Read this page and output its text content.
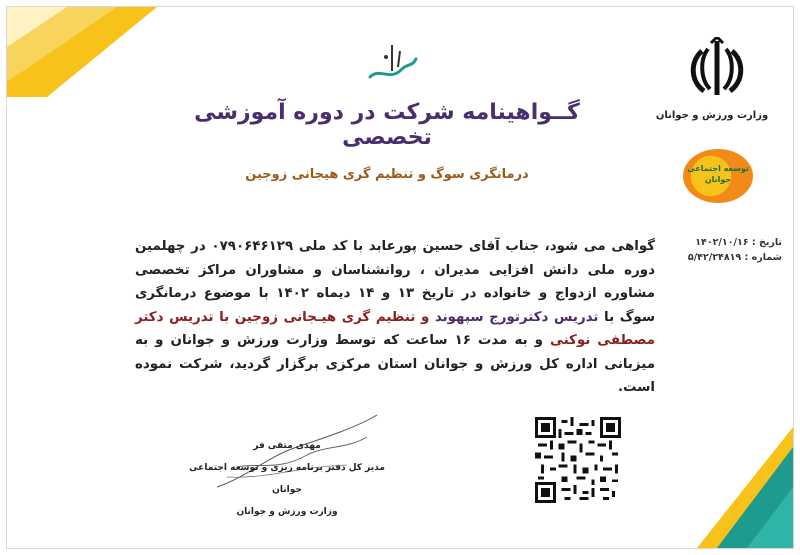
گــواهینامه شرکت در دوره آموزشی تخصصی
درمانگری سوگ و تنظیم گری هیجانی زوجین
وزارت ورزش و جوانان
توسعه اجتماعی جوانان
تاریخ : ۱۴۰۲/۱۰/۱۶
شماره : ۵/۴۲/۲۴۸۱۹
گواهی می شود، جناب آقای حسین پورعابد با کد ملی ۰۷۹۰۶۴۶۱۲۹ در چهلمین دوره ملی دانش افزایی مدیران ، روانشناسان و مشاوران مراکز تخصصی مشاوره ازدواج و خانواده در تاریخ ۱۳ و ۱۴ دیماه ۱۴۰۲ با موضوع درمانگری سوگ با تدریس دکترتورج سپهوند و تنظیم گری هیـجانی زوجین با تدریس دکتر مصطفی نوکنی و به مدت ۱۶ ساعت که توسط وزارت ورزش و جوانان و به میزبانی اداره کل ورزش و جوانان استان مرکزی برگزار گردید، شرکت نموده است.
مهدی متقی فر
مدیر کل دفتر برنامه ریزی و توسعه اجتماعی جوانان
وزارت ورزش و جوانان
